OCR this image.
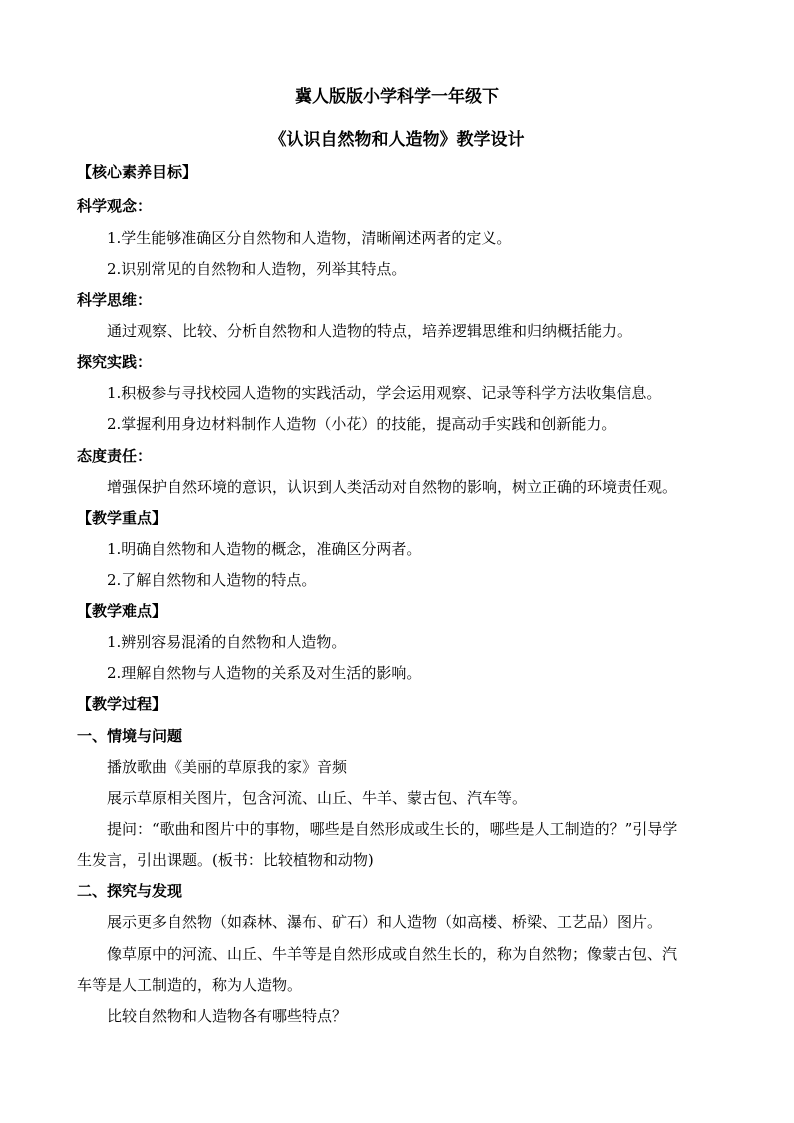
冀人版版小学科学一年级下
《认识自然物和人造物》教学设计
【核心素养目标】
科学观念：
1.学生能够准确区分自然物和人造物，清晰阐述两者的定义。
2.识别常见的自然物和人造物，列举其特点。
科学思维：
通过观察、比较、分析自然物和人造物的特点，培养逻辑思维和归纳概括能力。
探究实践：
1.积极参与寻找校园人造物的实践活动，学会运用观察、记录等科学方法收集信息。
2.掌握利用身边材料制作人造物（小花）的技能，提高动手实践和创新能力。
态度责任：
增强保护自然环境的意识，认识到人类活动对自然物的影响，树立正确的环境责任观。
【教学重点】
1.明确自然物和人造物的概念，准确区分两者。
2.了解自然物和人造物的特点。
【教学难点】
1.辨别容易混淆的自然物和人造物。
2.理解自然物与人造物的关系及对生活的影响。
【教学过程】
一、情境与问题
播放歌曲《美丽的草原我的家》音频
展示草原相关图片，包含河流、山丘、牛羊、蒙古包、汽车等。
提问：“歌曲和图片中的事物，哪些是自然形成或生长的，哪些是人工制造的？”引导学
生发言，引出课题。(板书：比较植物和动物)
二、探究与发现
展示更多自然物（如森林、瀑布、矿石）和人造物（如高楼、桥梁、工艺品）图片。
像草原中的河流、山丘、牛羊等是自然形成或自然生长的，称为自然物；像蒙古包、汽
车等是人工制造的，称为人造物。
比较自然物和人造物各有哪些特点？
